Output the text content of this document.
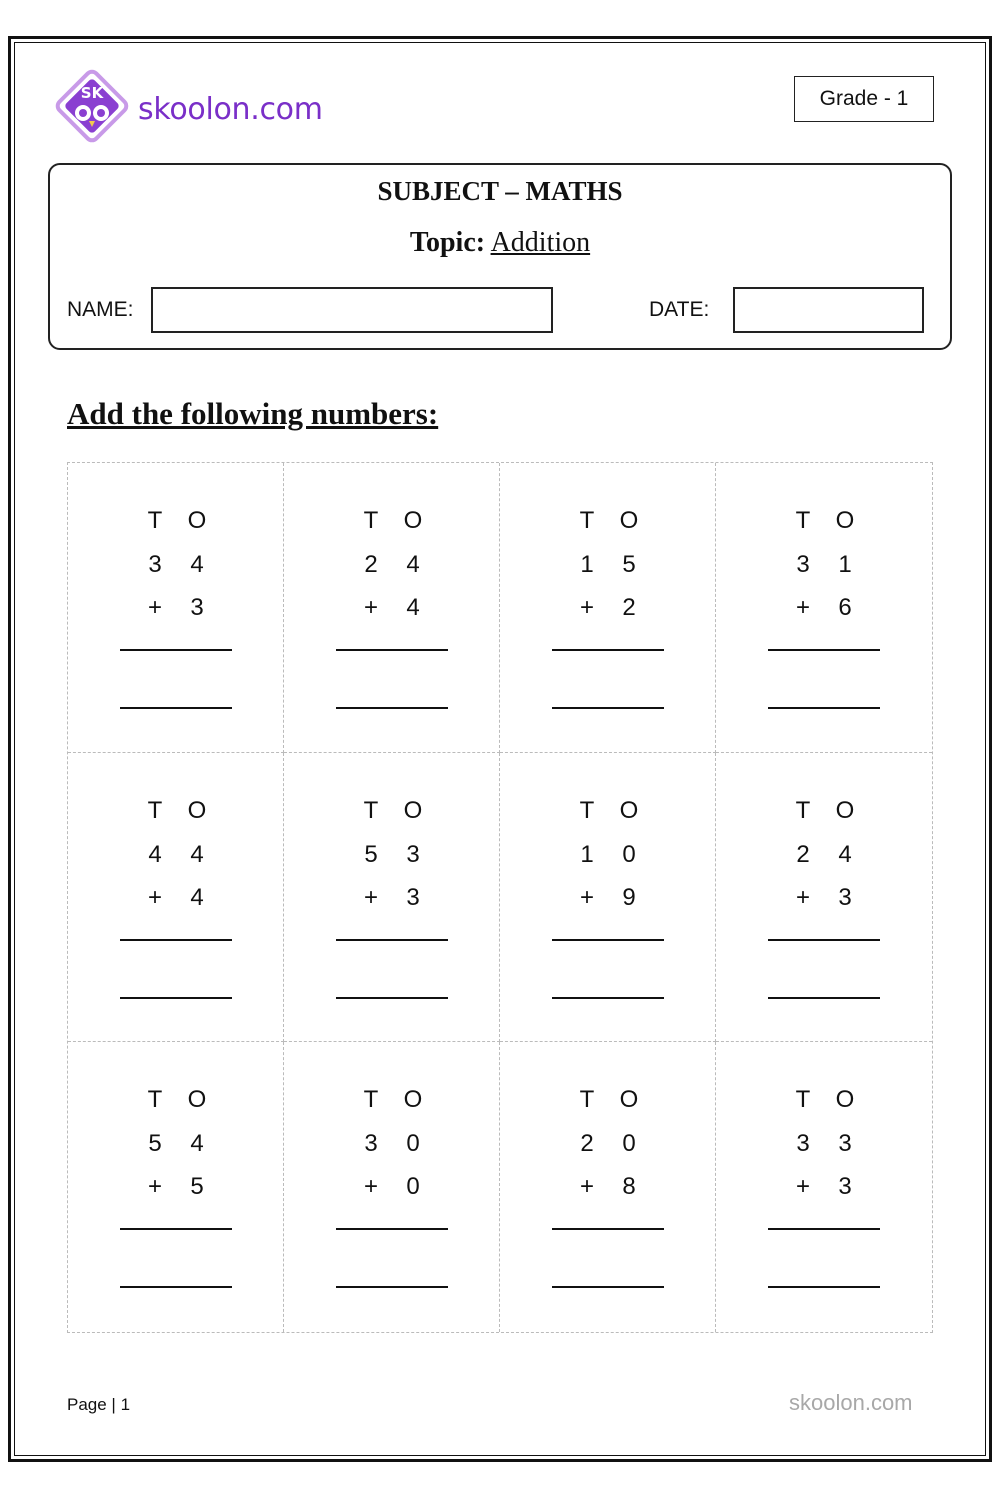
SK skoolon.com	Grade - 1
SUBJECT – MATHS
Topic: Addition
NAME:	DATE:
Add the following numbers:
T	O
3	4
+	3
T	O
2	4
+	4
T	O
1	5
+	2
T	O
3	1
+	6
T	O
4	4
+	4
T	O
5	3
+	3
T	O
1	0
+	9
T	O
2	4
+	3
T	O
5	4
+	5
T	O
3	0
+	0
T	O
2	0
+	8
T	O
3	3
+	3
Page | 1	skoolon.com
